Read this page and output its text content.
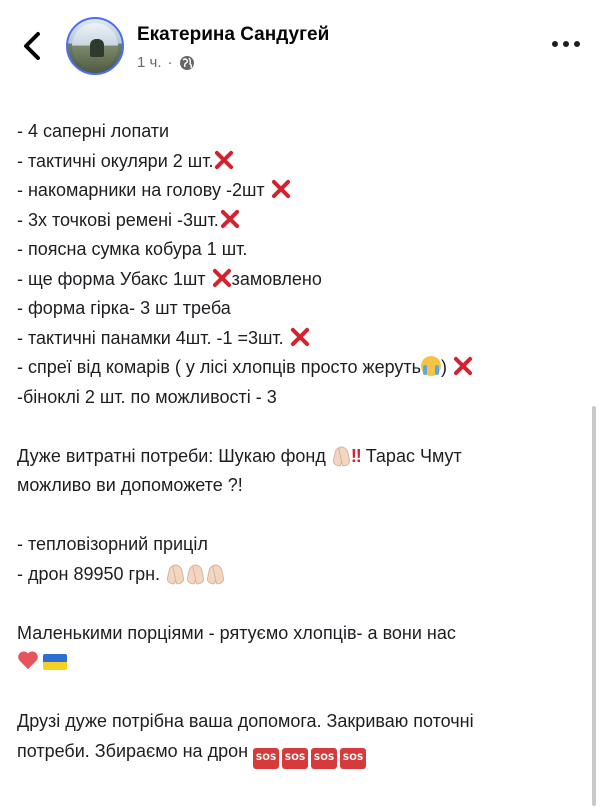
Екатерина Сандугей
1 ч. ·
- 4 саперні лопати
- тактичні окуляри 2 шт.
- накомарники на голову -2шт
- 3х точкові ремені -3шт.
- поясна сумка кобура 1 шт.
- ще форма Убакс 1шт замовлено
- форма гірка- 3 шт треба
- тактичні панамки 4шт. -1 =3шт.
- спреї від комарів ( у лісі хлопців просто жеруть )
-біноклі 2 шт. по можливості - 3
Дуже витратні потреби: Шукаю фонд ‼ Тарас Чмут
можливо ви допоможете ?!
- тепловізорний приціл
- дрон 89950 грн.
Маленькими порціями - рятуємо хлопців- а вони нас
Друзі дуже потрібна ваша допомога. Закриваю поточні
потреби. Збираємо на дрон SOS SOS SOS SOS
